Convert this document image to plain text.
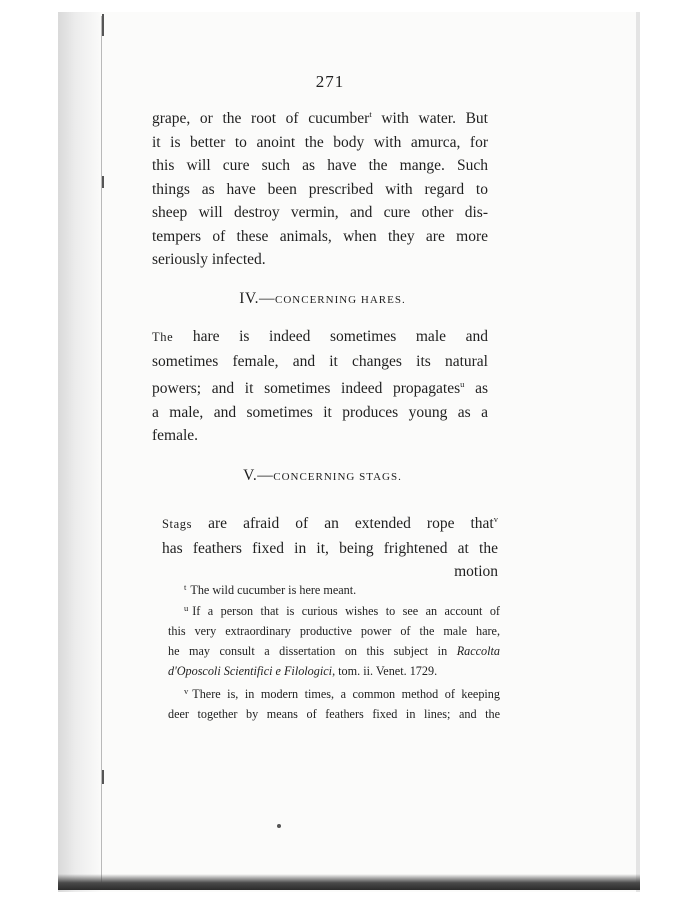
271
grape, or the root of cucumber$^t$ with water. But
it is better to anoint the body with amurca, for
this will cure such as have the mange. Such
things as have been prescribed with regard to
sheep will destroy vermin, and cure other dis-
tempers of these animals, when they are more
seriously infected.
IV.—CONCERNING HARES.
The hare is indeed sometimes male and
sometimes female, and it changes its natural
powers; and it sometimes indeed propagates$^u$ as
a male, and sometimes it produces young as a
female.
V.—CONCERNING STAGS.
Stags are afraid of an extended rope that$^v$
has feathers fixed in it, being frightened at the
motion
$^t$ The wild cucumber is here meant.
$^u$ If a person that is curious wishes to see an account of
this very extraordinary productive power of the male hare,
he may consult a dissertation on this subject in Raccolta
d'Oposcoli Scientifici e Filologici, tom. ii. Venet. 1729.
$^v$ There is, in modern times, a common method of keeping
deer together by means of feathers fixed in lines; and the
